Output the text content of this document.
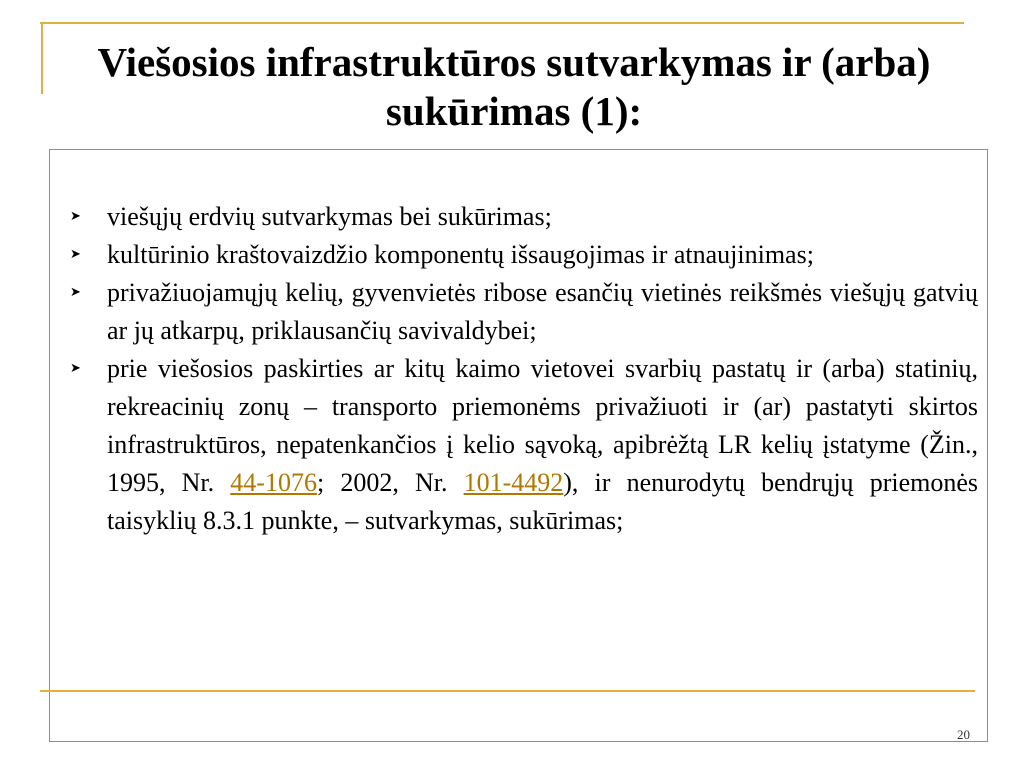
Viešosios infrastruktūros sutvarkymas ir (arba) sukūrimas (1):
➤ viešųjų erdvių sutvarkymas bei sukūrimas;
➤ kultūrinio kraštovaizdžio komponentų išsaugojimas ir atnaujinimas;
➤ privažiuojamųjų kelių, gyvenvietės ribose esančių vietinės reikšmės viešųjų gatvių ar jų atkarpų, priklausančių savivaldybei;
➤ prie viešosios paskirties ar kitų kaimo vietovei svarbių pastatų ir (arba) statinių, rekreacinių zonų – transporto priemonėms privažiuoti ir (ar) pastatyti skirtos infrastruktūros, nepatenkančios į kelio sąvoką, apibrėžtą LR kelių įstatyme (Žin., 1995, Nr. 44-1076; 2002, Nr. 101-4492), ir nenurodytų bendrųjų priemonės taisyklių 8.3.1 punkte, – sutvarkymas, sukūrimas;
20
